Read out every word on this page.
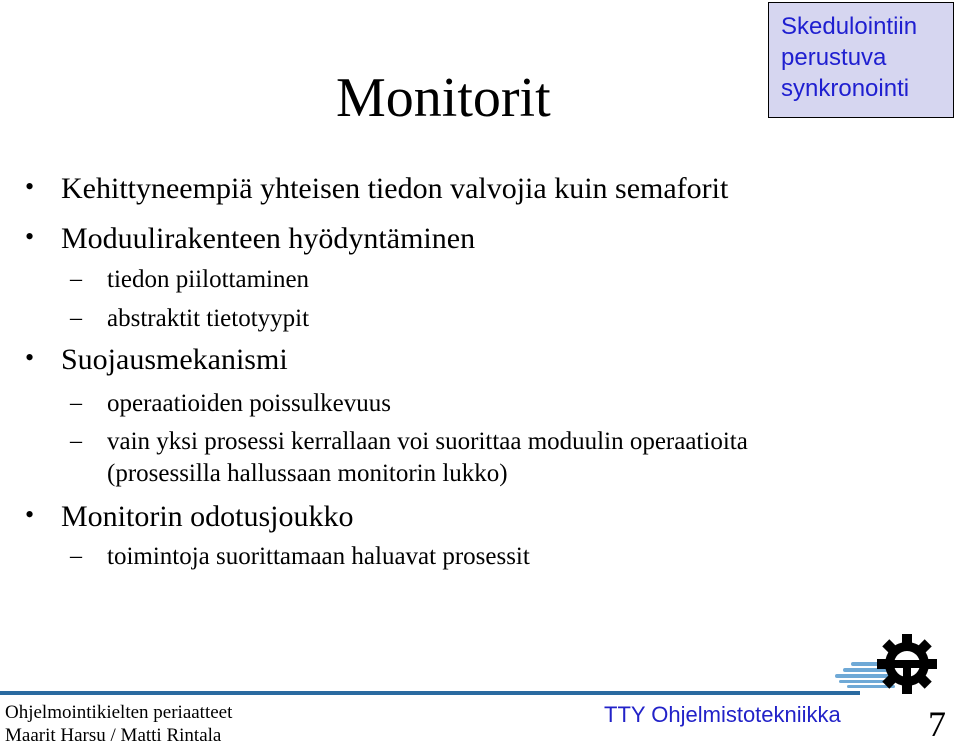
Monitorit
Skedulointiin
perustuva
synkronointi
• Kehittyneempiä yhteisen tiedon valvojia kuin semaforit
• Moduulirakenteen hyödyntäminen
– tiedon piilottaminen
– abstraktit tietotyypit
• Suojausmekanismi
– operaatioiden poissulkevuus
– vain yksi prosessi kerrallaan voi suorittaa moduulin operaatioita
(prosessilla hallussaan monitorin lukko)
• Monitorin odotusjoukko
– toimintoja suorittamaan haluavat prosessit
Ohjelmointikielten periaatteet
Maarit Harsu / Matti Rintala
TTY Ohjelmistotekniikka 7
